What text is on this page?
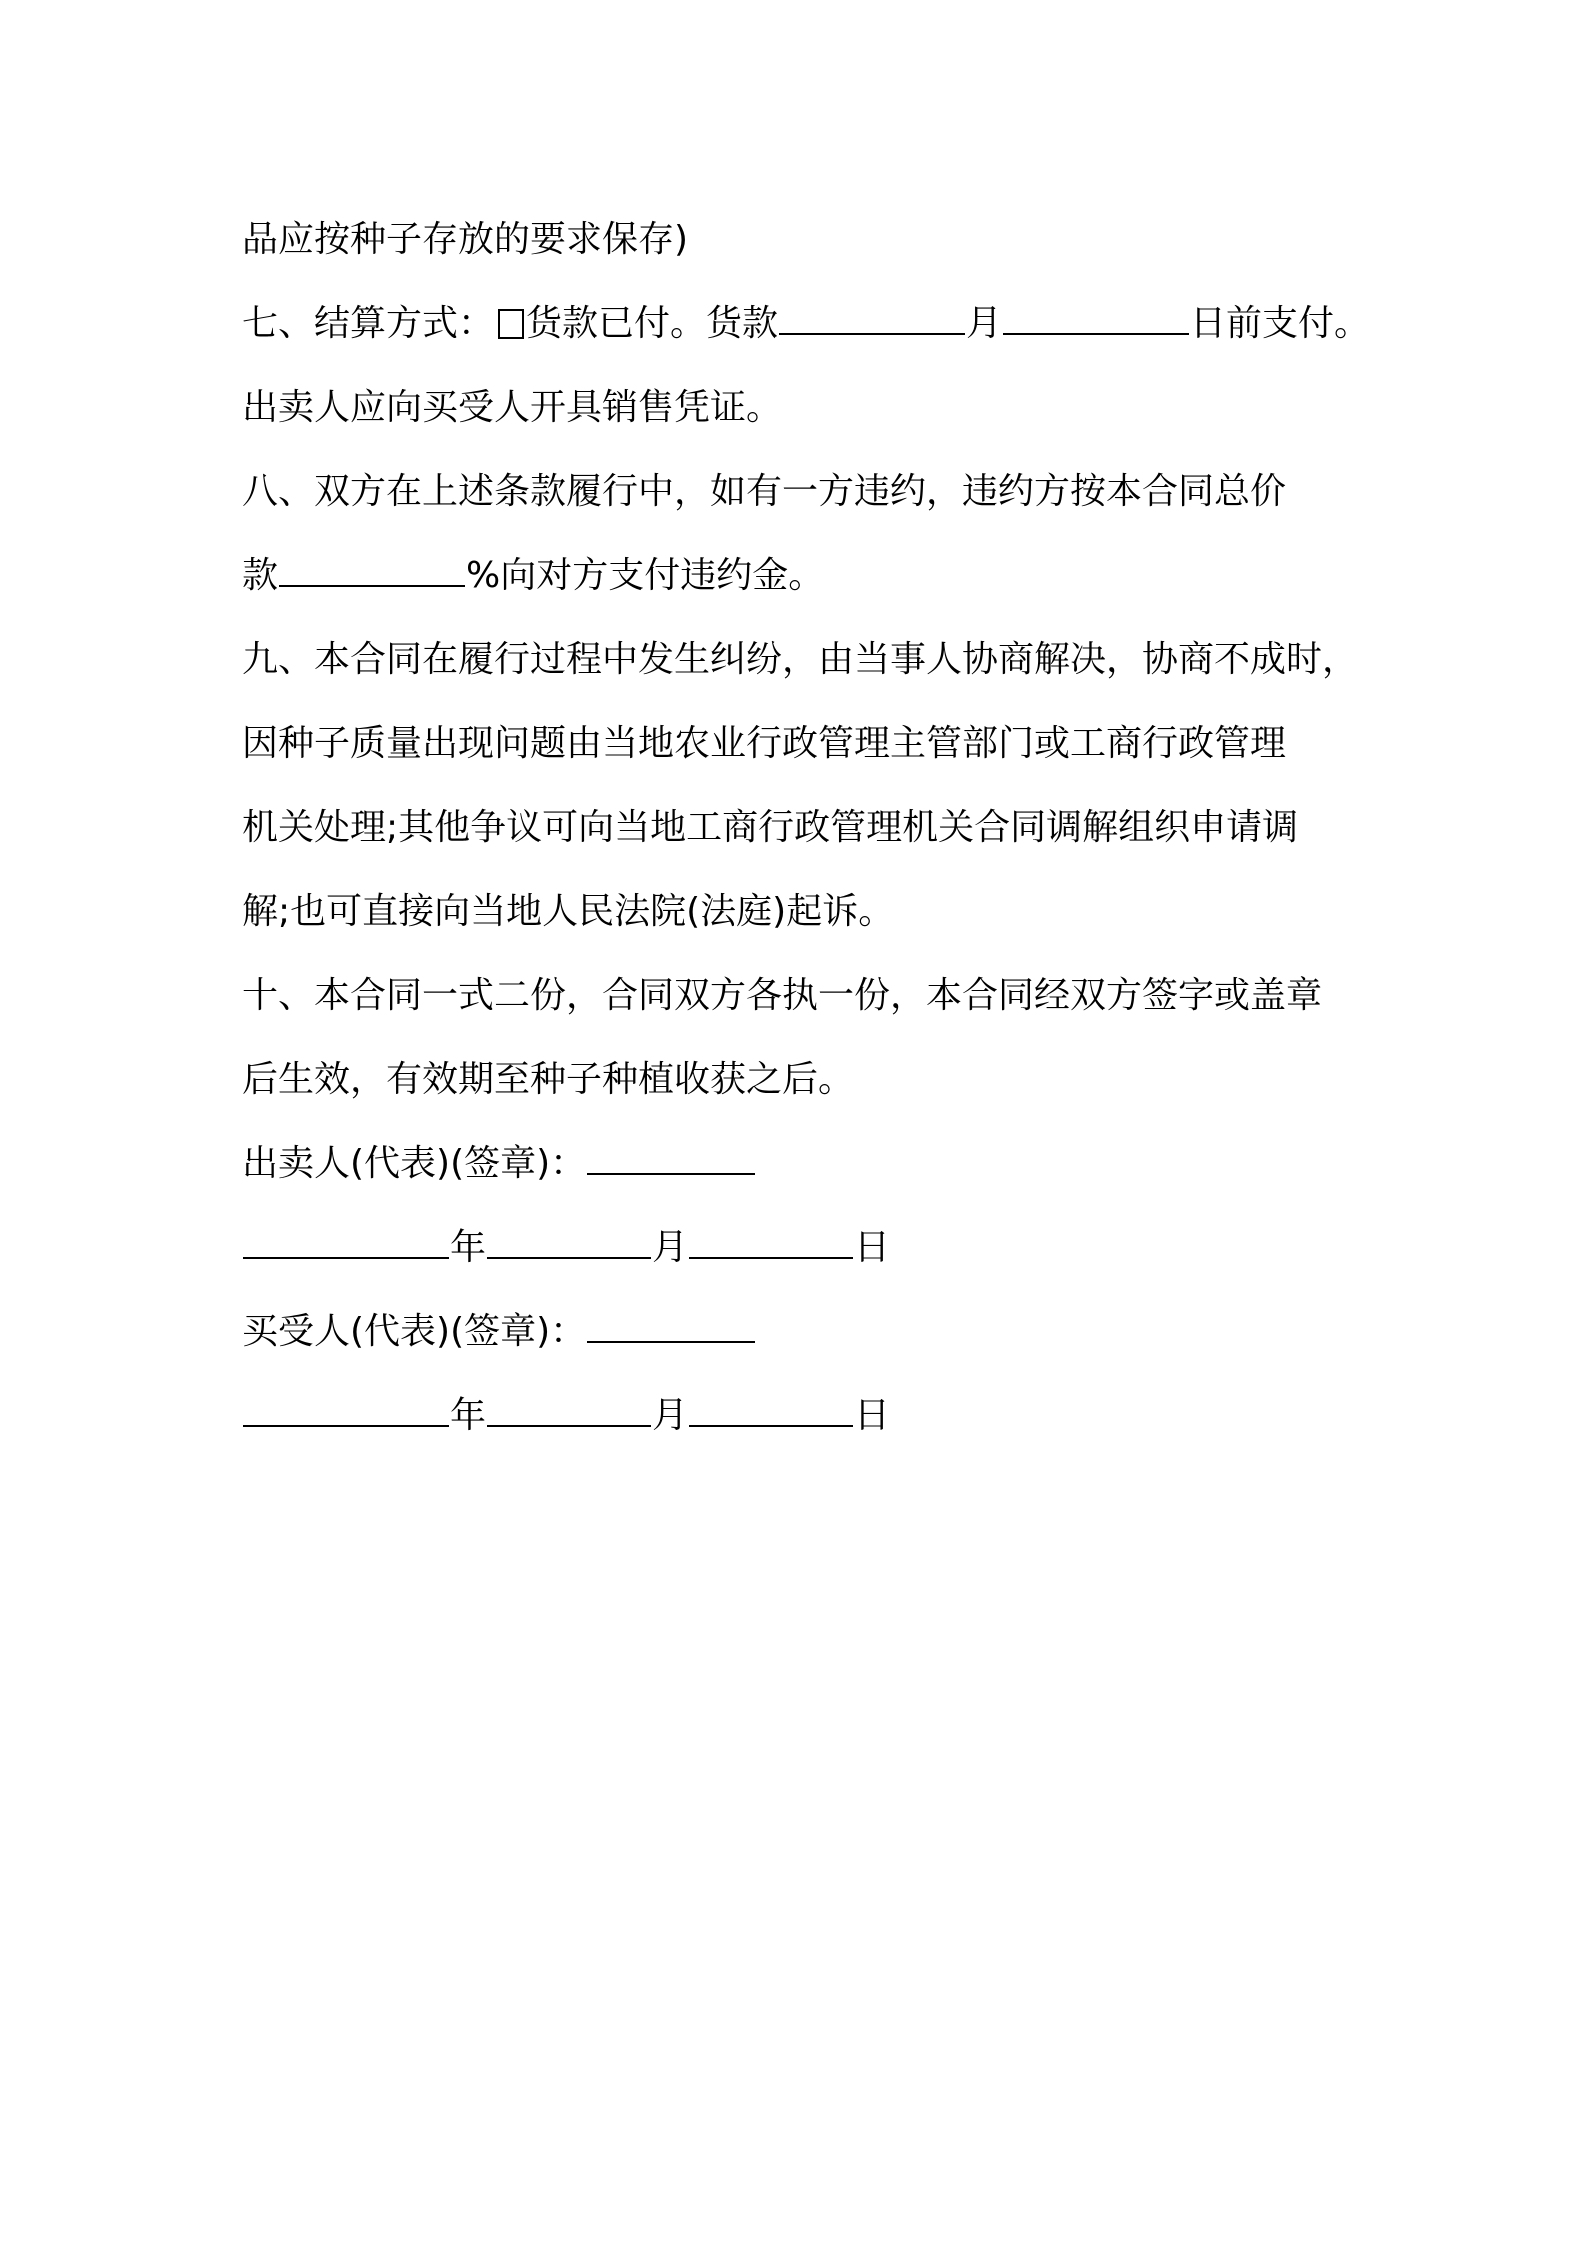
品应按种子存放的要求保存)
七、结算方式： 货款已付。货款	月	日前支付。
出卖人应向买受人开具销售凭证。
八、双方在上述条款履行中，如有一方违约，违约方按本合同总价
款	%向对方支付违约金。
九、本合同在履行过程中发生纠纷，由当事人协商解决，协商不成时，
因种子质量出现问题由当地农业行政管理主管部门或工商行政管理
机关处理;其他争议可向当地工商行政管理机关合同调解组织申请调
解;也可直接向当地人民法院(法庭)起诉。
十、本合同一式二份，合同双方各执一份，本合同经双方签字或盖章
后生效，有效期至种子种植收获之后。
出卖人(代表)(签章)：
年	月	日
买受人(代表)(签章)：
年	月	日
